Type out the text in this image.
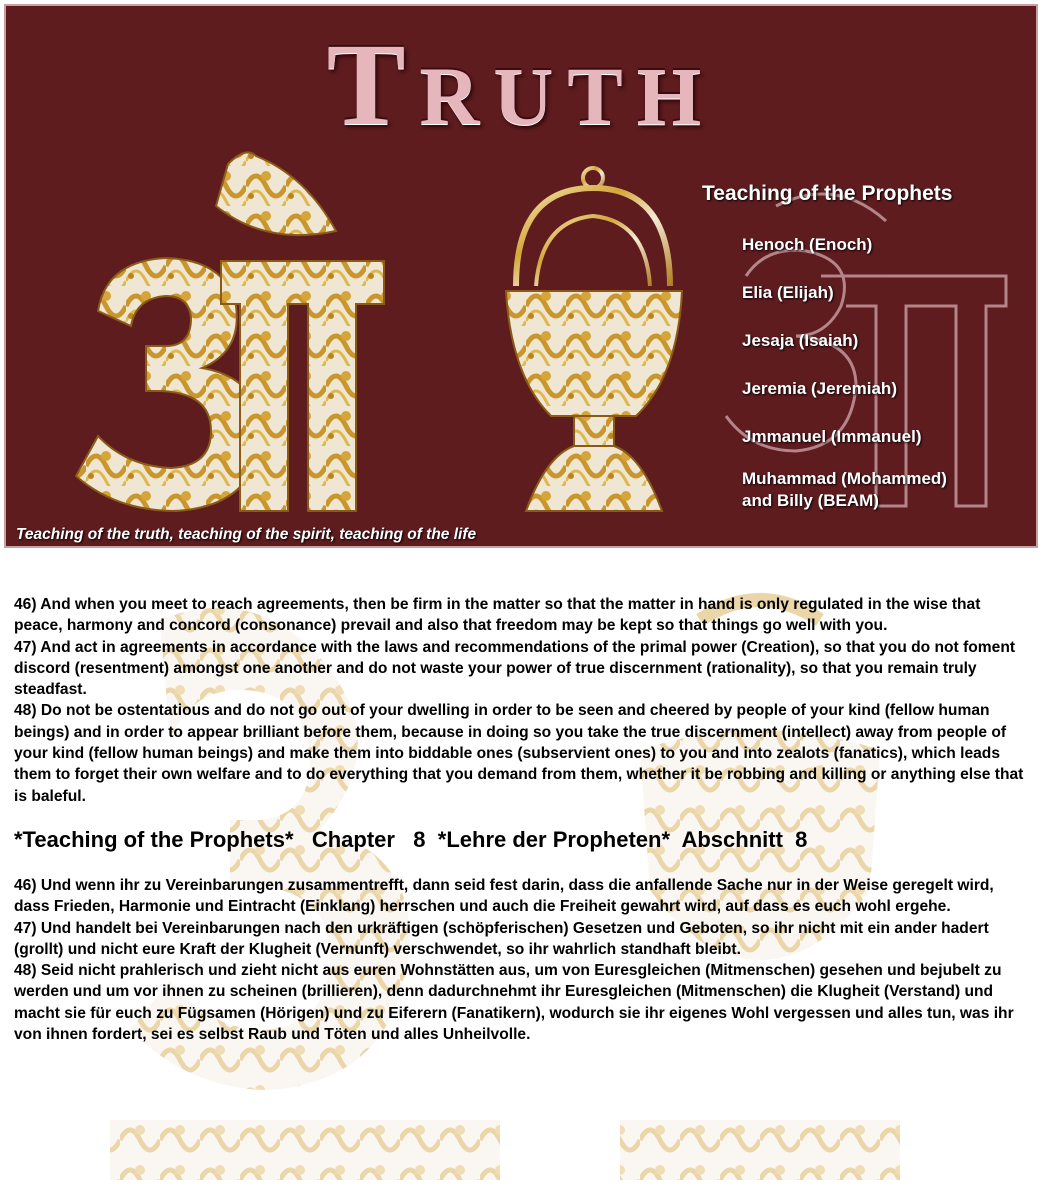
Truth
Teaching of the Prophets
Henoch (Enoch)
Elia (Elijah)
Jesaja (Isaiah)
Jeremia (Jeremiah)
Jmmanuel (Immanuel)
Muhammad (Mohammed)
and Billy (BEAM)
Teaching of the truth, teaching of the spirit, teaching of the life

46) And when you meet to reach agreements, then be firm in the matter so that the matter in hand is only regulated in the wise that peace, harmony and concord (consonance) prevail and also that freedom may be kept so that things go well with you.

47) And act in agreements in accordance with the laws and recommendations of the primal power (Creation), so that you do not foment discord (resentment) amongst one another and do not waste your power of true discernment (rationality), so that you remain truly steadfast.

48) Do not be ostentatious and do not go out of your dwelling in order to be seen and cheered by people of your kind (fellow human beings) and in order to appear brilliant before them, because in doing so you take the true discernment (intellect) away from people of your kind (fellow human beings) and make them into biddable ones (subservient ones) to you and into zealots (fanatics), which leads them to forget their own welfare and to do everything that you demand from them, whether it be robbing and killing or anything else that is baleful.

*Teaching of the Prophets*   Chapter   8  *Lehre der Propheten*  Abschnitt  8

46) Und wenn ihr zu Vereinbarungen zusammentrefft, dann seid fest darin, dass die anfallende Sache nur in der Weise geregelt wird, dass Frieden, Harmonie und Eintracht (Einklang) herrschen und auch die Freiheit gewahrt wird, auf dass es euch wohl ergehe.

47) Und handelt bei Vereinbarungen nach den urkräftigen (schöpferischen) Gesetzen und Geboten, so ihr nicht mit ein ander hadert (grollt) und nicht eure Kraft der Klugheit (Vernunft) verschwendet, so ihr wahrlich standhaft bleibt.

48) Seid nicht prahlerisch und zieht nicht aus euren Wohnstätten aus, um von Euresgleichen (Mitmenschen) gesehen und bejubelt zu werden und um vor ihnen zu scheinen (brillieren), denn dadurchnehmt ihr Euresgleichen (Mitmenschen) die Klugheit (Verstand) und macht sie für euch zu Fügsamen (Hörigen) und zu Eiferern (Fanatikern), wodurch sie ihr eigenes Wohl vergessen und alles tun, was ihr von ihnen fordert, sei es selbst Raub und Töten und alles Unheilvolle.
